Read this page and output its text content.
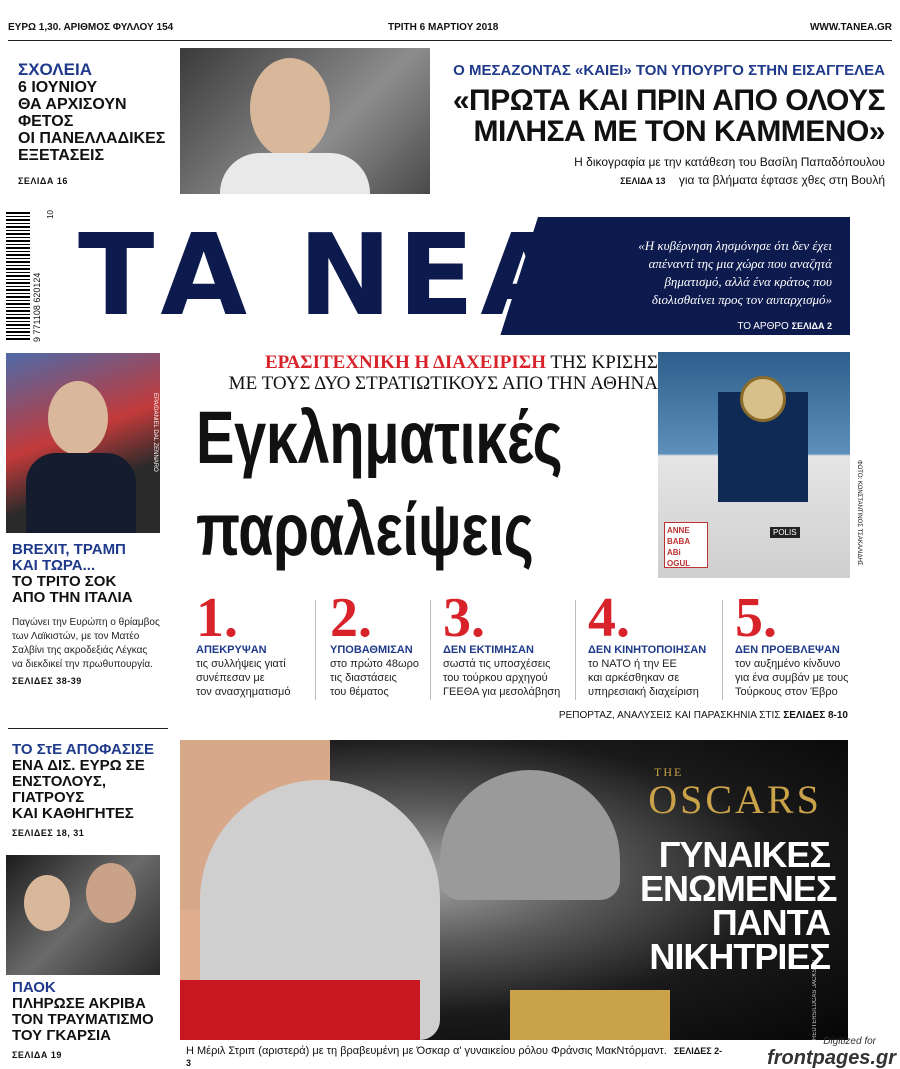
ΕΥΡΩ 1,30. ΑΡΙΘΜΟΣ ΦΥΛΛΟΥ 154	ΤΡΙΤΗ 6 ΜΑΡΤΙΟΥ 2018	WWW.TANEA.GR
ΣΧΟΛΕΙΑ
6 ΙΟΥΝΙΟΥ
ΘΑ ΑΡΧΙΣΟΥΝ
ΦΕΤΟΣ
ΟΙ ΠΑΝΕΛΛΑΔΙΚΕΣ
ΕΞΕΤΑΣΕΙΣ
ΣΕΛΙΔΑ 16
Ο ΜΕΣΑΖΟΝΤΑΣ «ΚΑΙΕΙ» ΤΟΝ ΥΠΟΥΡΓΟ ΣΤΗΝ ΕΙΣΑΓΓΕΛΕΑ
«ΠΡΩΤΑ ΚΑΙ ΠΡΙΝ ΑΠΟ ΟΛΟΥΣ
ΜΙΛΗΣΑ ΜΕ ΤΟΝ ΚΑΜΜΕΝΟ»
Η δικογραφία με την κατάθεση του Βασίλη Παπαδόπουλου
ΣΕΛΙΔΑ 13 για τα βλήματα έφτασε χθες στη Βουλή
9 771108 620124
10 ΤΑ ΝΕΑ	«Η κυβέρνηση λησμόνησε ότι δεν έχει
απέναντί της μια χώρα που αναζητά
βηματισμό, αλλά ένα κράτος που
διολισθαίνει προς τον αυταρχισμό»
ΤΟ ΑΡΘΡΟ ΣΕΛΙΔΑ 2
EPA/DANIEL DAL ZENNARO
BREXIT, ΤΡΑΜΠ
ΚΑΙ ΤΩΡΑ...
ΤΟ ΤΡΙΤΟ ΣΟΚ
ΑΠΟ ΤΗΝ ΙΤΑΛΙΑ
Παγώνει την Ευρώπη ο θρίαμβος
των Λαϊκιστών, με τον Ματέο
Σαλβίνι της ακροδεξιάς Λέγκας
να διεκδικεί την πρωθυπουργία.
ΣΕΛΙΔΕΣ 38-39
ΤΟ ΣτΕ ΑΠΟΦΑΣΙΣΕ
ΕΝΑ ΔΙΣ. ΕΥΡΩ ΣΕ
ΕΝΣΤΟΛΟΥΣ, ΓΙΑΤΡΟΥΣ
ΚΑΙ ΚΑΘΗΓΗΤΕΣ
ΣΕΛΙΔΕΣ 18, 31
ΠΑΟΚ
ΠΛΗΡΩΣΕ ΑΚΡΙΒΑ
ΤΟΝ ΤΡΑΥΜΑΤΙΣΜΟ
ΤΟΥ ΓΚΑΡΣΙΑ
ΣΕΛΙΔΑ 19
ΕΡΑΣΙΤΕΧΝΙΚΗ Η ΔΙΑΧΕΙΡΙΣΗ ΤΗΣ ΚΡΙΣΗΣ
ΜΕ ΤΟΥΣ ΔΥΟ ΣΤΡΑΤΙΩΤΙΚΟΥΣ ΑΠΟ ΤΗΝ ΑΘΗΝΑ
Εγκληματικές
παραλείψεις	ANNE
BABA
ABi
OGUL
POLIS	ΦΩΤΟ: ΚΩΝΣΤΑΝΤΙΝΟΣ ΤΣΑΚΑΛΙΔΗΣ
1.
ΑΠΕΚΡΥΨΑΝ
τις συλλήψεις γιατί
συνέπεσαν με
τον ανασχηματισμό
2.
ΥΠΟΒΑΘΜΙΣΑΝ
στο πρώτο 48ωρο
τις διαστάσεις
του θέματος
3.
ΔΕΝ ΕΚΤΙΜΗΣΑΝ
σωστά τις υποσχέσεις
του τούρκου αρχηγού
ΓΕΕΘΑ για μεσολάβηση
4.
ΔΕΝ ΚΙΝΗΤΟΠΟΙΗΣΑΝ
το ΝΑΤΟ ή την ΕΕ
και αρκέσθηκαν σε
υπηρεσιακή διαχείριση
5.
ΔΕΝ ΠΡΟΕΒΛΕΨΑΝ
τον αυξημένο κίνδυνο
για ένα συμβάν με τους
Τούρκους στον Έβρο
ΡΕΠΟΡΤΑΖ, ΑΝΑΛΥΣΕΙΣ ΚΑΙ ΠΑΡΑΣΚΗΝΙΑ ΣΤΙΣ ΣΕΛΙΔΕΣ 8-10
REUTERS/LUCAS JACKSON
THE
OSCARS
ΓΥΝΑΙΚΕΣ
ΕΝΩΜΕΝΕΣ
ΠΑΝΤΑ
ΝΙΚΗΤΡΙΕΣ
Η Μέριλ Στριπ (αριστερά) με τη βραβευμένη με Όσκαρ α' γυναικείου ρόλου Φράνσις ΜακΝτόρμαντ. ΣΕΛΙΔΕΣ 2-3
Digitized for
frontpages.gr
